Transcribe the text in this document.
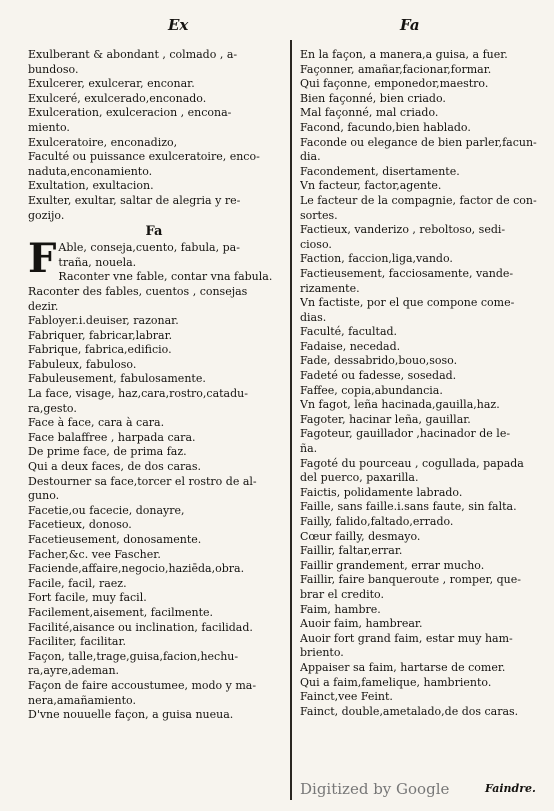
Ex	Fa
Exulberant & abondant , colmado , a-
bundoso.
Exulcerer, exulcerar, enconar.
Exulceré, exulcerado,enconado.
Exulceration, exulceracion , encona-
miento.
Exulceratoire, enconadizo,
Faculté ou puissance exulceratoire, enco-
naduta,enconamiento.
Exultation, exultacion.
Exulter, exultar, saltar de alegria y re-
gozijo.
Fa
F Able, conseja,cuento, fabula, pa-
traña, nouela.
Raconter vne fable, contar vna fabula.
Raconter des fables, cuentos , consejas
dezir.
Fabloyer.i.deuiser, razonar.
Fabriquer, fabricar,labrar.
Fabrique, fabrica,edificio.
Fabuleux, fabuloso.
Fabuleusement, fabulosamente.
La face, visage, haz,cara,rostro,catadu-
ra,gesto.
Face à face, cara à cara.
Face balaffree , harpada cara.
De prime face, de prima faz.
Qui a deux faces, de dos caras.
Destourner sa face,torcer el rostro de al-
guno.
Facetie,ou facecie, donayre,
Facetieux, donoso.
Facetieusement, donosamente.
Facher,&c. vee Fascher.
Faciende,affaire,negocio,haziēda,obra.
Facile, facil, raez.
Fort facile, muy facil.
Facilement,aisement, facilmente.
Facilité,aisance ou inclination, facilidad.
Faciliter, facilitar.
Façon, talle,trage,guisa,facion,hechu-
ra,ayre,ademan.
Façon de faire accoustumee, modo y ma-
nera,amañamiento.
D'vne nouuelle façon, a guisa nueua.
En la façon, a manera,a guisa, a fuer.
Façonner, amañar,facionar,formar.
Qui façonne, emponedor,maestro.
Bien façonné, bien criado.
Mal façonné, mal criado.
Facond, facundo,bien hablado.
Faconde ou elegance de bien parler,facun-
dia.
Facondement, disertamente.
Vn facteur, factor,agente.
Le facteur de la compagnie, factor de con-
sortes.
Factieux, vanderizo , reboltoso, sedi-
cioso.
Faction, faccion,liga,vando.
Factieusement, facciosamente, vande-
rizamente.
Vn factiste, por el que compone come-
dias.
Faculté, facultad.
Fadaise, necedad.
Fade, dessabrido,bouo,soso.
Fadeté ou fadesse, sosedad.
Faffee, copia,abundancia.
Vn fagot, leña hacinada,gauilla,haz.
Fagoter, hacinar leña, gauillar.
Fagoteur, gauillador ,hacinador de le-
ña.
Fagoté du pourceau , cogullada, papada
del puerco, paxarilla.
Faictis, polidamente labrado.
Faille, sans faille.i.sans faute, sin falta.
Failly, falido,faltado,errado.
Cœur failly, desmayo.
Faillir, faltar,errar.
Faillir grandement, errar mucho.
Faillir, faire banqueroute , romper, que-
brar el credito.
Faim, hambre.
Auoir faim, hambrear.
Auoir fort grand faim, estar muy ham-
briento.
Appaiser sa faim, hartarse de comer.
Qui a faim,famelique, hambriento.
Fainct,vee Feint.
Fainct, double,ametalado,de dos caras.
Digitized by Google	Faindre.
